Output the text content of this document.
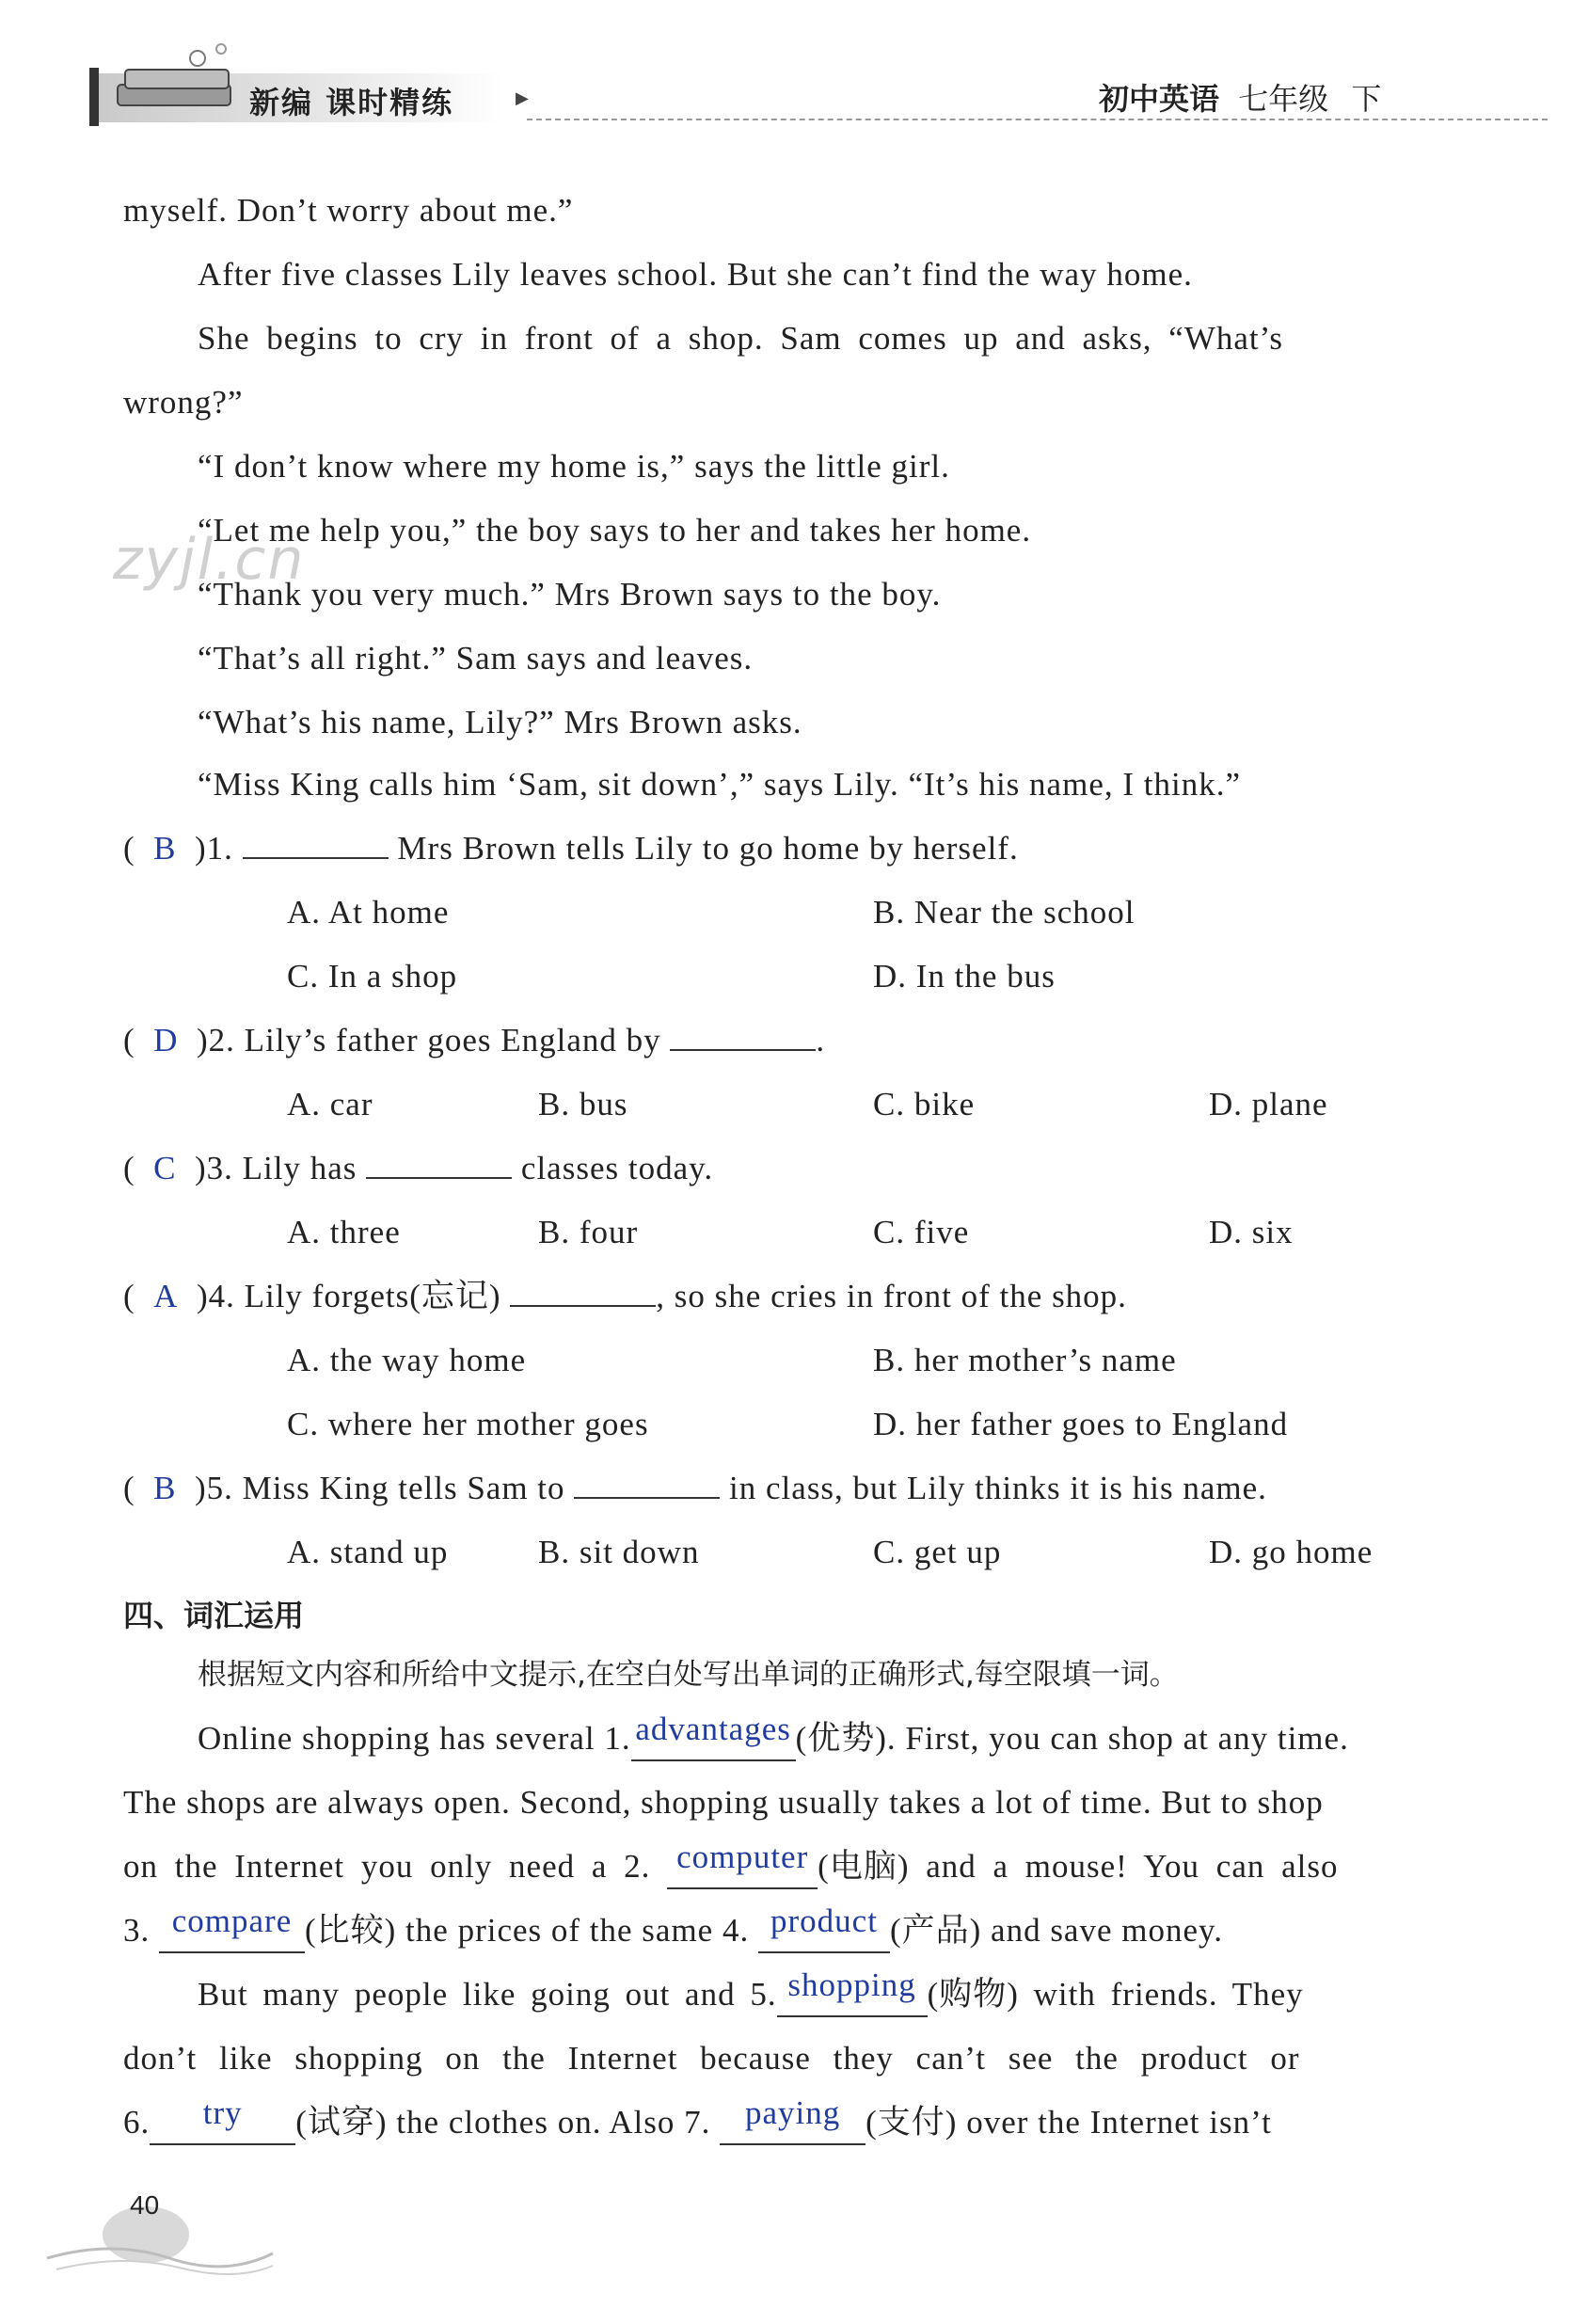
新编 课时精练	▶	初中英语 七年级 下
zyjl.cn
myself. Don’t worry about me.”
After five classes Lily leaves school. But she can’t find the way home.
She begins to cry in front of a shop. Sam comes up and asks, “What’s
wrong?”
“I don’t know where my home is,” says the little girl.
“Let me help you,” the boy says to her and takes her home.
“Thank you very much.” Mrs Brown says to the boy.
“That’s all right.” Sam says and leaves.
“What’s his name, Lily?” Mrs Brown asks.
“Miss King calls him ‘Sam, sit down’,” says Lily. “It’s his name, I think.”
(  B  )1.	Mrs Brown tells Lily to go home by herself.
A. At home	B. Near the school
C. In a shop	D. In the bus
(  D  )2. Lily’s father goes England by	.
A. car	B. bus	C. bike	D. plane
(  C  )3. Lily has	classes today.
A. three	B. four	C. five	D. six
(  A  )4. Lily forgets(忘记)	, so she cries in front of the shop.
A. the way home	B. her mother’s name
C. where her mother goes	D. her father goes to England
(  B  )5. Miss King tells Sam to	in class, but Lily thinks it is his name.
A. stand up	B. sit down	C. get up	D. go home
四、词汇运用
根据短文内容和所给中文提示,在空白处写出单词的正确形式,每空限填一词。
Online shopping has several 1. advantages (优势). First, you can shop at any time.
The shops are always open. Second, shopping usually takes a lot of time. But to shop
on the Internet you only need a 2. computer (电脑) and a mouse! You can also
3. compare (比较) the prices of the same 4. product (产品) and save money.
But many people like going out and 5. shopping (购物) with friends. They
don’t like shopping on the Internet because they can’t see the product or
6. try (试穿) the clothes on. Also 7. paying (支付) over the Internet isn’t
40
